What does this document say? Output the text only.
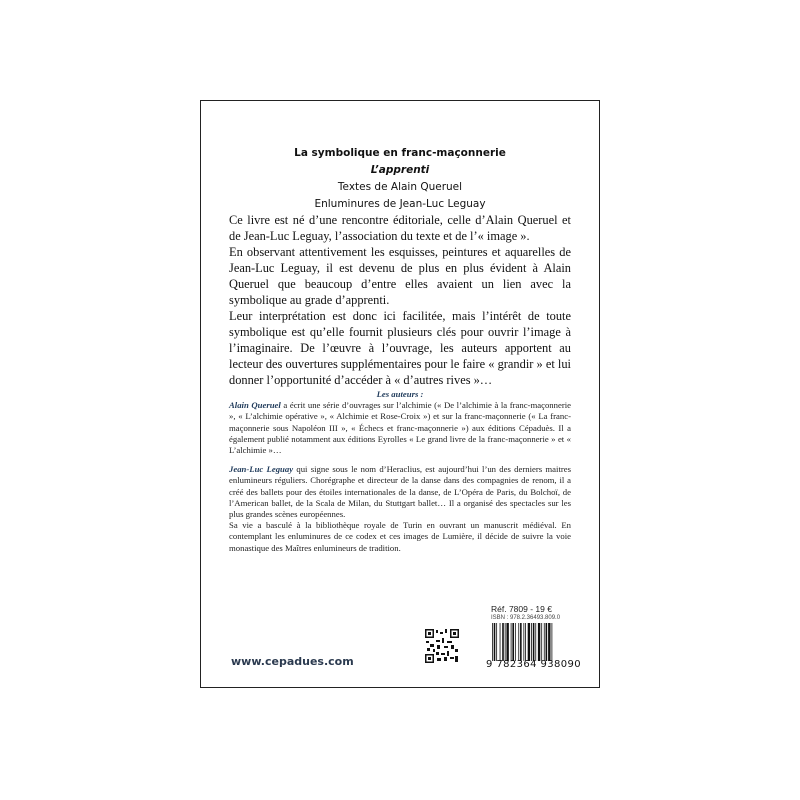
La symbolique en franc-maçonnerie
L’apprenti
Textes de Alain Queruel
Enluminures de Jean-Luc Leguay

Ce livre est né d’une rencontre éditoriale, celle d’Alain Queruel et de Jean-Luc Leguay, l’association du texte et de l’« image ».

En observant attentivement les esquisses, peintures et aquarelles de Jean-Luc Leguay, il est devenu de plus en plus évident à Alain Queruel que beaucoup d’entre elles avaient un lien avec la symbolique au grade d’apprenti.

Leur interprétation est donc ici facilitée, mais l’intérêt de toute symbolique est qu’elle fournit plusieurs clés pour ouvrir l’image à l’imaginaire. De l’œuvre à l’ouvrage, les auteurs apportent au lecteur des ouvertures supplémentaires pour le faire « grandir » et lui donner l’opportunité d’accéder à « d’autres rives »…

Les auteurs :

Alain Queruel a écrit une série d’ouvrages sur l’alchimie (« De l’alchimie à la franc-maçonnerie », « L’alchimie opérative », « Alchimie et Rose-Croix ») et sur la franc-maçonnerie (« La franc-maçonnerie sous Napoléon III », « Échecs et franc-maçonnerie ») aux éditions Cépaduès. Il a également publié notamment aux éditions Eyrolles « Le grand livre de la franc-maçonnerie » et « L’alchimie »…

Jean-Luc Leguay qui signe sous le nom d’Heraclius, est aujourd’hui l’un des derniers maitres enlumineurs réguliers. Chorégraphe et directeur de la danse dans des compagnies de renom, il a créé des ballets pour des étoiles internationales de la danse, de L’Opéra de Paris, du Bolchoï, de l’American ballet, de la Scala de Milan, du Stuttgart ballet… Il a organisé des spectacles sur les plus grandes scènes européennes.

Sa vie a basculé à la bibliothèque royale de Turin en ouvrant un manuscrit médiéval. En contemplant les enluminures de ce codex et ces images de Lumière, il décide de suivre la voie monastique des Maîtres enlumineurs de tradition.

www.cepadues.com
Réf. 7809 - 19 €
ISBN : 978.2.36493.809.0
9 782364 938090
